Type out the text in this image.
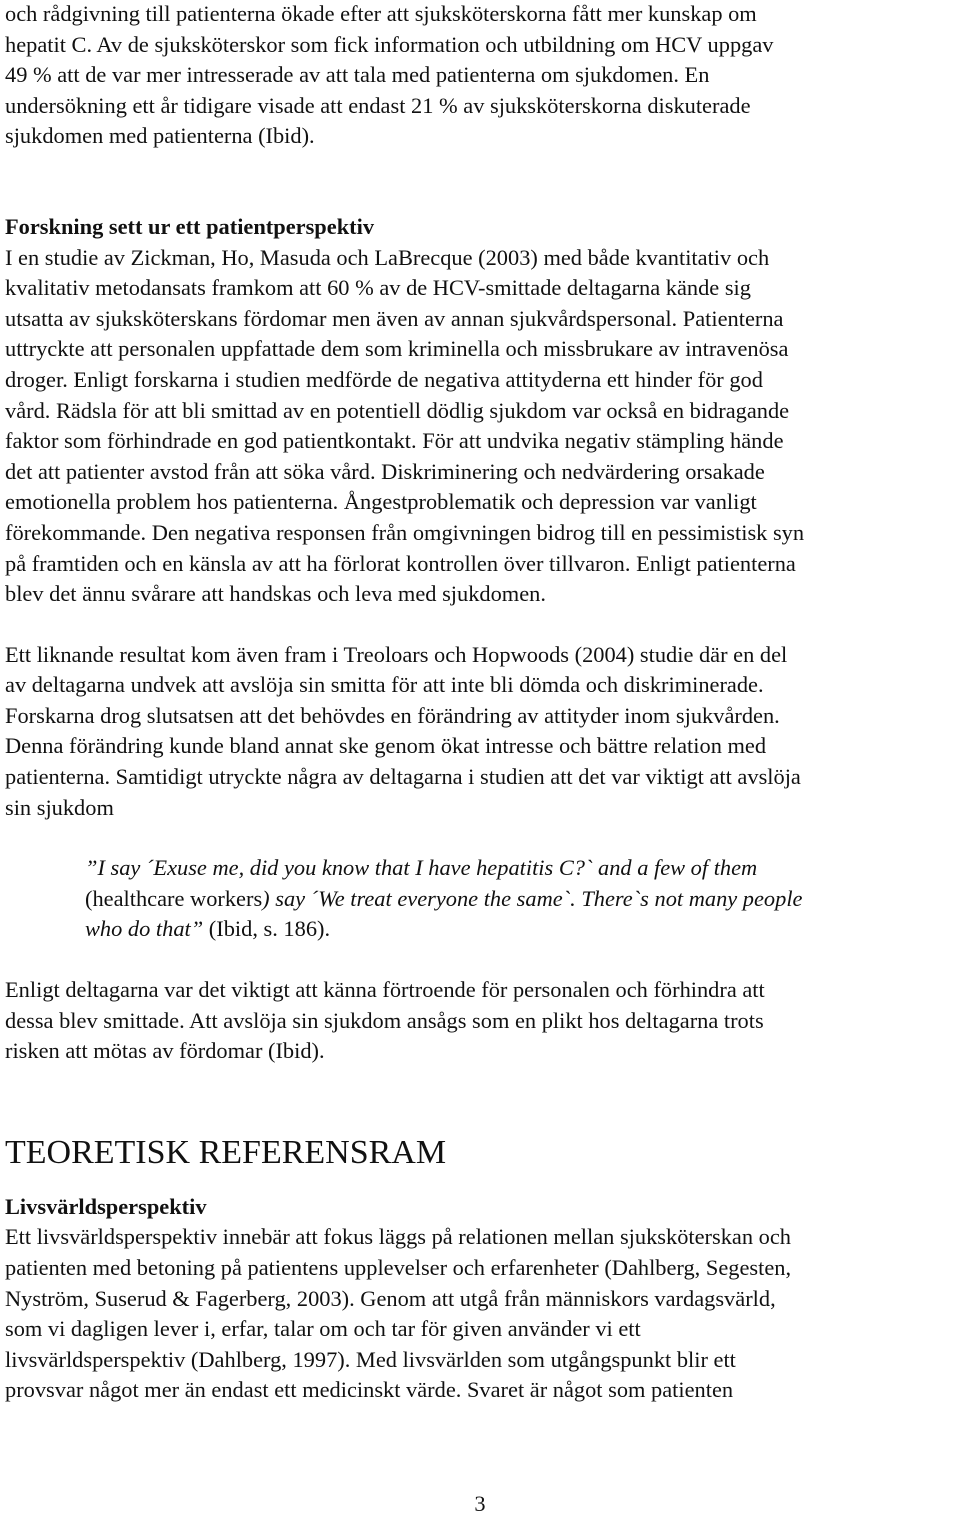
och rådgivning till patienterna ökade efter att sjuksköterskorna fått mer kunskap om
hepatit C. Av de sjuksköterskor som fick information och utbildning om HCV uppgav
49 % att de var mer intresserade av att tala med patienterna om sjukdomen. En
undersökning ett år tidigare visade att endast 21 % av sjuksköterskorna diskuterade
sjukdomen med patienterna (Ibid).
Forskning sett ur ett patientperspektiv
I en studie av Zickman, Ho, Masuda och LaBrecque (2003) med både kvantitativ och
kvalitativ metodansats framkom att 60 % av de HCV-smittade deltagarna kände sig
utsatta av sjuksköterskans fördomar men även av annan sjukvårdspersonal. Patienterna
uttryckte att personalen uppfattade dem som kriminella och missbrukare av intravenösa
droger. Enligt forskarna i studien medförde de negativa attityderna ett hinder för god
vård. Rädsla för att bli smittad av en potentiell dödlig sjukdom var också en bidragande
faktor som förhindrade en god patientkontakt. För att undvika negativ stämpling hände
det att patienter avstod från att söka vård. Diskriminering och nedvärdering orsakade
emotionella problem hos patienterna. Ångestproblematik och depression var vanligt
förekommande. Den negativa responsen från omgivningen bidrog till en pessimistisk syn
på framtiden och en känsla av att ha förlorat kontrollen över tillvaron. Enligt patienterna
blev det ännu svårare att handskas och leva med sjukdomen.
Ett liknande resultat kom även fram i Treoloars och Hopwoods (2004) studie där en del
av deltagarna undvek att avslöja sin smitta för att inte bli dömda och diskriminerade.
Forskarna drog slutsatsen att det behövdes en förändring av attityder inom sjukvården.
Denna förändring kunde bland annat ske genom ökat intresse och bättre relation med
patienterna. Samtidigt utryckte några av deltagarna i studien att det var viktigt att avslöja
sin sjukdom
”I say ´Exuse me, did you know that I have hepatitis C?` and a few of them
(healthcare workers) say ´We treat everyone the same`. There`s not many people
who do that” (Ibid, s. 186).
Enligt deltagarna var det viktigt att känna förtroende för personalen och förhindra att
dessa blev smittade. Att avslöja sin sjukdom ansågs som en plikt hos deltagarna trots
risken att mötas av fördomar (Ibid).
TEORETISK REFERENSRAM
Livsvärldsperspektiv
Ett livsvärldsperspektiv innebär att fokus läggs på relationen mellan sjuksköterskan och
patienten med betoning på patientens upplevelser och erfarenheter (Dahlberg, Segesten,
Nyström, Suserud & Fagerberg, 2003). Genom att utgå från människors vardagsvärld,
som vi dagligen lever i, erfar, talar om och tar för given använder vi ett
livsvärldsperspektiv (Dahlberg, 1997). Med livsvärlden som utgångspunkt blir ett
provsvar något mer än endast ett medicinskt värde. Svaret är något som patienten
3
